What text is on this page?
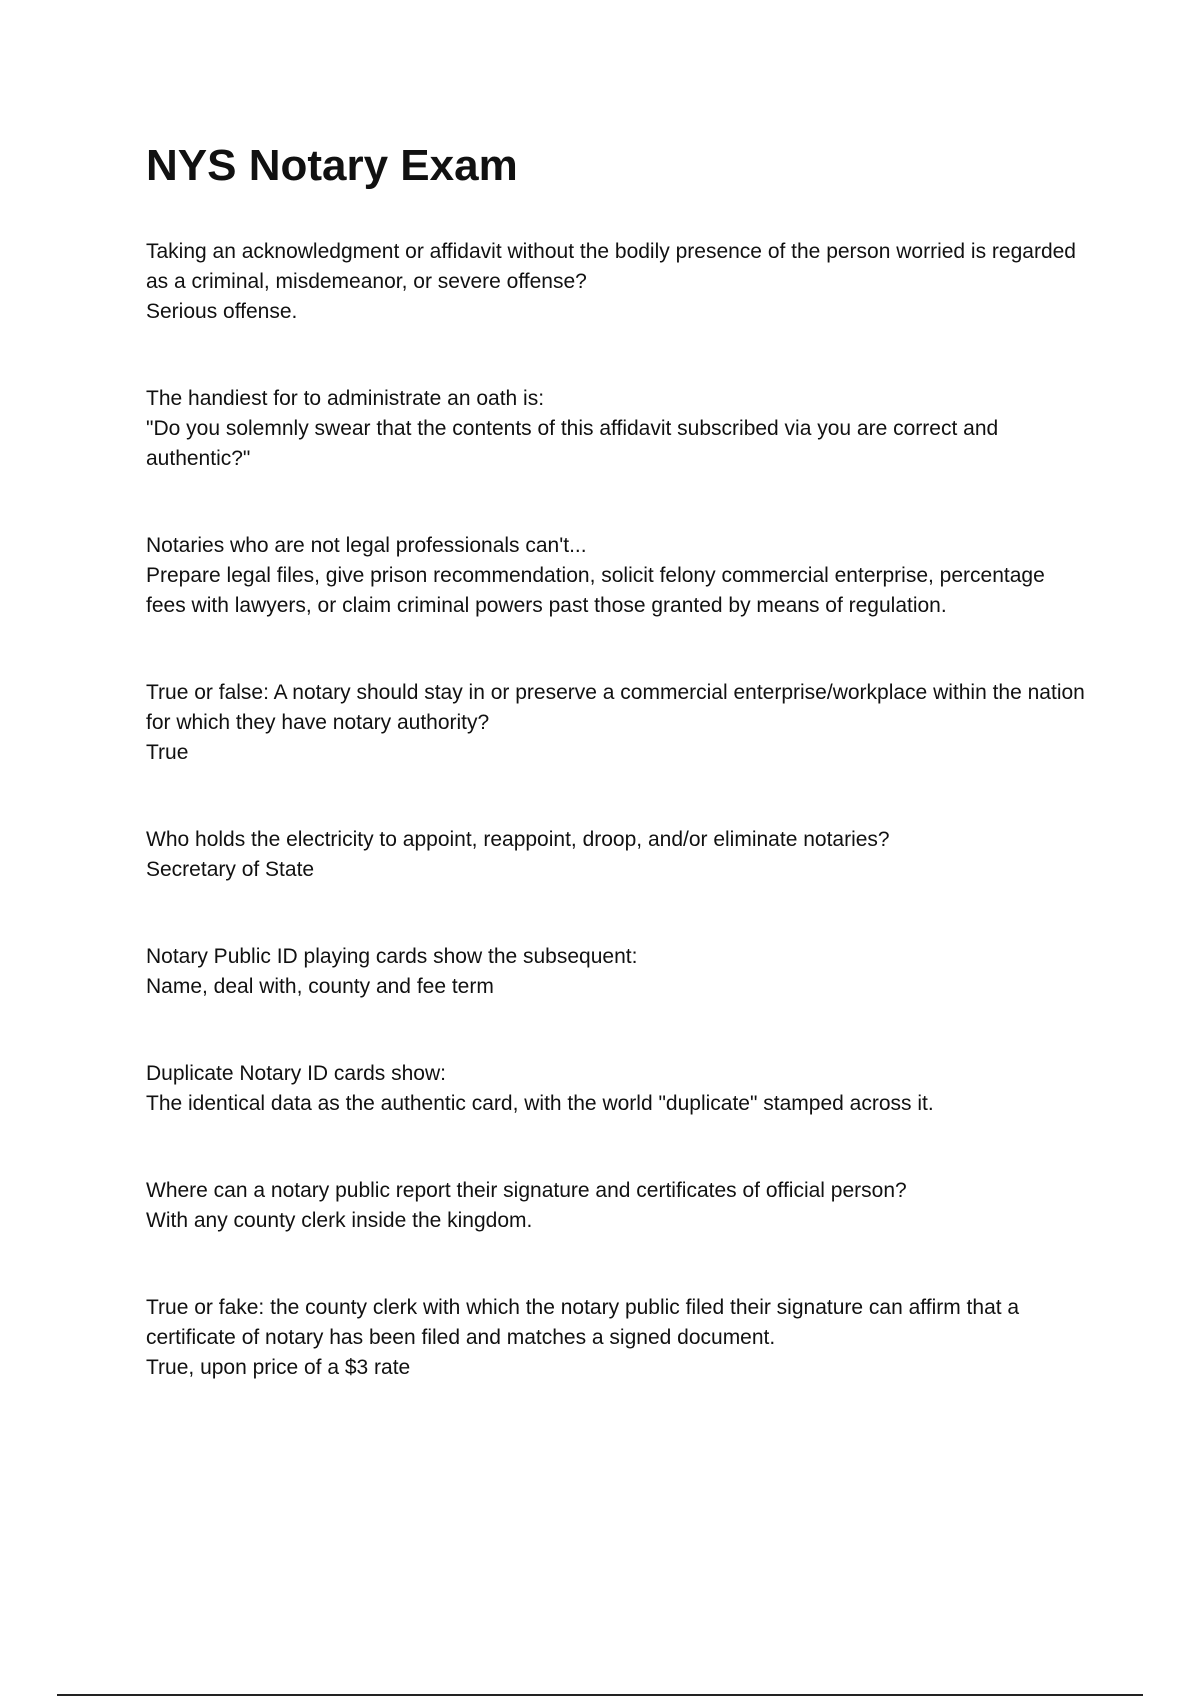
NYS Notary Exam

Taking an acknowledgment or affidavit without the bodily presence of the person worried is regarded as a criminal, misdemeanor, or severe offense?

Serious offense.

The handiest for to administrate an oath is:

"Do you solemnly swear that the contents of this affidavit subscribed via you are correct and authentic?"

Notaries who are not legal professionals can't...

Prepare legal files, give prison recommendation, solicit felony commercial enterprise, percentage fees with lawyers, or claim criminal powers past those granted by means of regulation.

True or false: A notary should stay in or preserve a commercial enterprise/workplace within the nation for which they have notary authority?

True

Who holds the electricity to appoint, reappoint, droop, and/or eliminate notaries?

Secretary of State

Notary Public ID playing cards show the subsequent:

Name, deal with, county and fee term

Duplicate Notary ID cards show:

The identical data as the authentic card, with the world "duplicate" stamped across it.

Where can a notary public report their signature and certificates of official person?

With any county clerk inside the kingdom.

True or fake: the county clerk with which the notary public filed their signature can affirm that a certificate of notary has been filed and matches a signed document.

True, upon price of a $3 rate
